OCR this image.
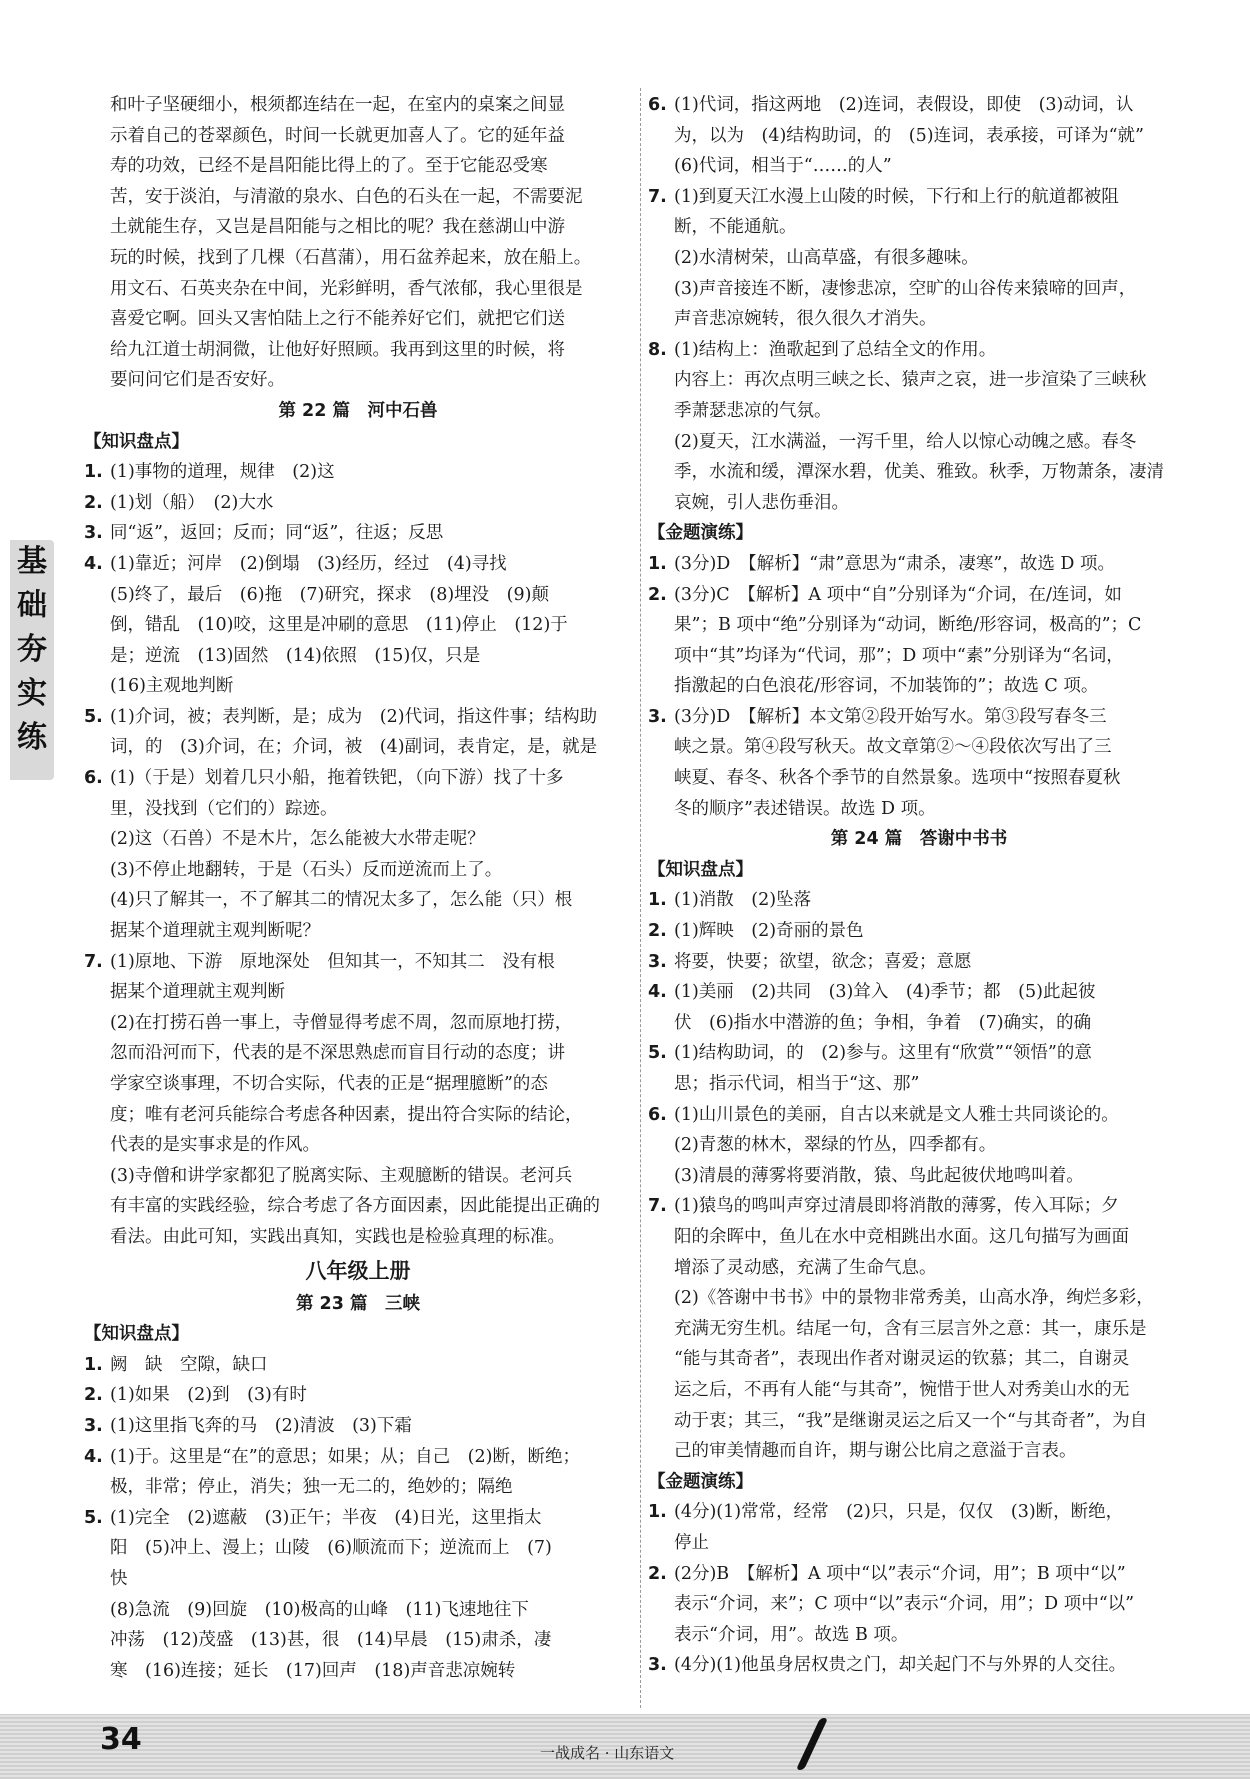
和叶子坚硬细小，根须都连结在一起，在室内的桌案之间显
示着自己的苍翠颜色，时间一长就更加喜人了。它的延年益
寿的功效，已经不是昌阳能比得上的了。至于它能忍受寒
苦，安于淡泊，与清澈的泉水、白色的石头在一起，不需要泥
土就能生存，又岂是昌阳能与之相比的呢？我在慈湖山中游
玩的时候，找到了几棵（石菖蒲），用石盆养起来，放在船上。
用文石、石英夹杂在中间，光彩鲜明，香气浓郁，我心里很是
喜爱它啊。回头又害怕陆上之行不能养好它们，就把它们送
给九江道士胡洞微，让他好好照顾。我再到这里的时候，将
要问问它们是否安好。
第 22 篇　河中石兽
【知识盘点】
1. (1)事物的道理，规律　(2)这
2. (1)划（船）　(2)大水
3. 同“返”，返回；反而；同“返”，往返；反思
4. (1)靠近；河岸　(2)倒塌　(3)经历，经过　(4)寻找
(5)终了，最后　(6)拖　(7)研究，探求　(8)埋没　(9)颠
倒，错乱　(10)咬，这里是冲刷的意思　(11)停止　(12)于
是；逆流　(13)固然　(14)依照　(15)仅，只是
(16)主观地判断
5. (1)介词，被；表判断，是；成为　(2)代词，指这件事；结构助
词，的　(3)介词，在；介词，被　(4)副词，表肯定，是，就是
6. (1)（于是）划着几只小船，拖着铁钯，（向下游）找了十多
里，没找到（它们的）踪迹。
(2)这（石兽）不是木片，怎么能被大水带走呢？
(3)不停止地翻转，于是（石头）反而逆流而上了。
(4)只了解其一，不了解其二的情况太多了，怎么能（只）根
据某个道理就主观判断呢？
7. (1)原地、下游　原地深处　但知其一，不知其二　没有根
据某个道理就主观判断
(2)在打捞石兽一事上，寺僧显得考虑不周，忽而原地打捞，
忽而沿河而下，代表的是不深思熟虑而盲目行动的态度；讲
学家空谈事理，不切合实际，代表的正是“据理臆断”的态
度；唯有老河兵能综合考虑各种因素，提出符合实际的结论，
代表的是实事求是的作风。
(3)寺僧和讲学家都犯了脱离实际、主观臆断的错误。老河兵
有丰富的实践经验，综合考虑了各方面因素，因此能提出正确的
看法。由此可知，实践出真知，实践也是检验真理的标准。
八年级上册
第 23 篇　三峡
【知识盘点】
1. 阙　缺　空隙，缺口
2. (1)如果　(2)到　(3)有时
3. (1)这里指飞奔的马　(2)清波　(3)下霜
4. (1)于。这里是“在”的意思；如果；从；自己　(2)断，断绝；
极，非常；停止，消失；独一无二的，绝妙的；隔绝
5. (1)完全　(2)遮蔽　(3)正午；半夜　(4)日光，这里指太
阳　(5)冲上、漫上；山陵　(6)顺流而下；逆流而上　(7)
快
(8)急流　(9)回旋　(10)极高的山峰　(11)飞速地往下
冲荡　(12)茂盛　(13)甚，很　(14)早晨　(15)肃杀，凄
寒　(16)连接；延长　(17)回声　(18)声音悲凉婉转
6. (1)代词，指这两地　(2)连词，表假设，即使　(3)动词，认
为，以为　(4)结构助词，的　(5)连词，表承接，可译为“就”
(6)代词，相当于“……的人”
7. (1)到夏天江水漫上山陵的时候，下行和上行的航道都被阻
断，不能通航。
(2)水清树荣，山高草盛，有很多趣味。
(3)声音接连不断，凄惨悲凉，空旷的山谷传来猿啼的回声，
声音悲凉婉转，很久很久才消失。
8. (1)结构上：渔歌起到了总结全文的作用。
内容上：再次点明三峡之长、猿声之哀，进一步渲染了三峡秋
季萧瑟悲凉的气氛。
(2)夏天，江水满溢，一泻千里，给人以惊心动魄之感。春冬
季，水流和缓，潭深水碧，优美、雅致。秋季，万物萧条，凄清
哀婉，引人悲伤垂泪。
【金题演练】
1. (3分)D　【解析】“肃”意思为“肃杀，凄寒”，故选 D 项。
2. (3分)C　【解析】A 项中“自”分别译为“介词，在/连词，如
果”；B 项中“绝”分别译为“动词，断绝/形容词，极高的”；C
项中“其”均译为“代词，那”；D 项中“素”分别译为“名词，
指激起的白色浪花/形容词，不加装饰的”；故选 C 项。
3. (3分)D　【解析】本文第②段开始写水。第③段写春冬三
峡之景。第④段写秋天。故文章第②～④段依次写出了三
峡夏、春冬、秋各个季节的自然景象。选项中“按照春夏秋
冬的顺序”表述错误。故选 D 项。
第 24 篇　答谢中书书
【知识盘点】
1. (1)消散　(2)坠落
2. (1)辉映　(2)奇丽的景色
3. 将要，快要；欲望，欲念；喜爱；意愿
4. (1)美丽　(2)共同　(3)耸入　(4)季节；都　(5)此起彼
伏　(6)指水中潜游的鱼；争相，争着　(7)确实，的确
5. (1)结构助词，的　(2)参与。这里有“欣赏”“领悟”的意
思；指示代词，相当于“这、那”
6. (1)山川景色的美丽，自古以来就是文人雅士共同谈论的。
(2)青葱的林木，翠绿的竹丛，四季都有。
(3)清晨的薄雾将要消散，猿、鸟此起彼伏地鸣叫着。
7. (1)猿鸟的鸣叫声穿过清晨即将消散的薄雾，传入耳际；夕
阳的余晖中，鱼儿在水中竞相跳出水面。这几句描写为画面
增添了灵动感，充满了生命气息。
(2)《答谢中书书》中的景物非常秀美，山高水净，绚烂多彩，
充满无穷生机。结尾一句，含有三层言外之意：其一，康乐是
“能与其奇者”，表现出作者对谢灵运的钦慕；其二，自谢灵
运之后，不再有人能“与其奇”，惋惜于世人对秀美山水的无
动于衷；其三，“我”是继谢灵运之后又一个“与其奇者”，为自
己的审美情趣而自许，期与谢公比肩之意溢于言表。
【金题演练】
1. (4分)(1)常常，经常　(2)只，只是，仅仅　(3)断，断绝，
停止
2. (2分)B　【解析】A 项中“以”表示“介词，用”；B 项中“以”
表示“介词，来”；C 项中“以”表示“介词，用”；D 项中“以”
表示“介词，用”。故选 B 项。
3. (4分)(1)他虽身居权贵之门，却关起门不与外界的人交往。
基
础
夯
实
练
34	一战成名 · 山东语文
